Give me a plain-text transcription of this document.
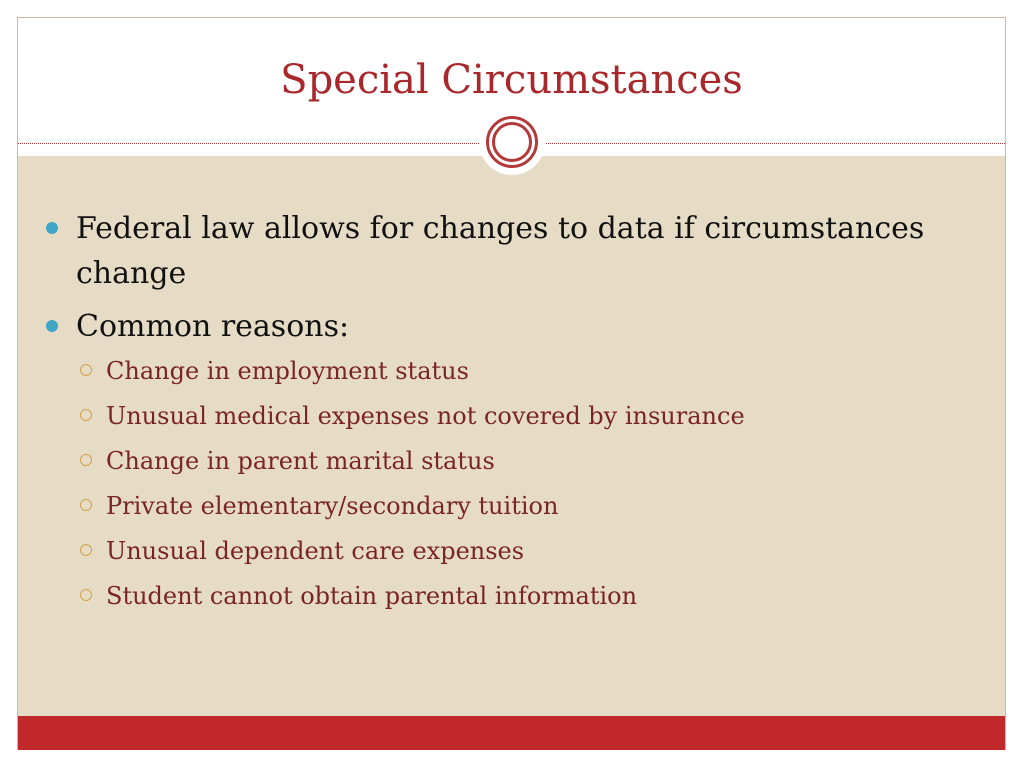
Special Circumstances
Federal law allows for changes to data if circumstances change
Common reasons:
Change in employment status
Unusual medical expenses not covered by insurance
Change in parent marital status
Private elementary/secondary tuition
Unusual dependent care expenses
Student cannot obtain parental information
